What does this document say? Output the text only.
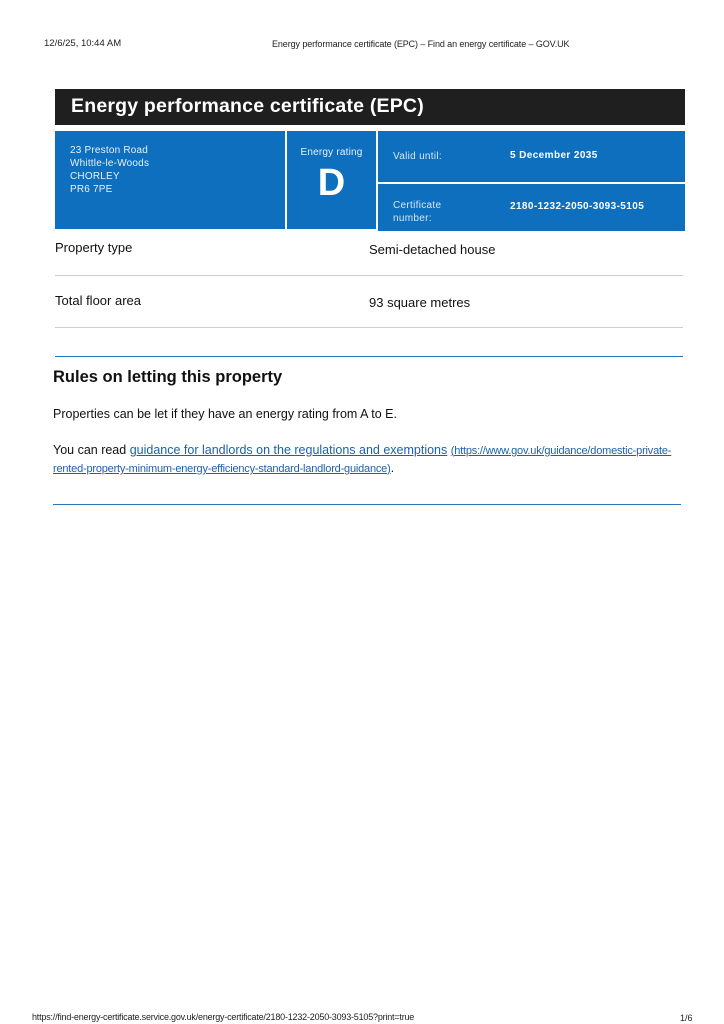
12/6/25, 10:44 AM	Energy performance certificate (EPC) – Find an energy certificate – GOV.UK
Energy performance certificate (EPC)
23 Preston Road
Whittle-le-Woods
CHORLEY
PR6 7PE
Energy rating
D
Valid until:	5 December 2035
Certificate number:
2180-1232-2050-3093-5105
Property type	Semi-detached house
Total floor area	93 square metres
Rules on letting this property
Properties can be let if they have an energy rating from A to E.
You can read guidance for landlords on the regulations and exemptions (https://www.gov.uk/guidance/domestic-private-rented-property-minimum-energy-efficiency-standard-landlord-guidance).
https://find-energy-certificate.service.gov.uk/energy-certificate/2180-1232-2050-3093-5105?print=true	1/6
